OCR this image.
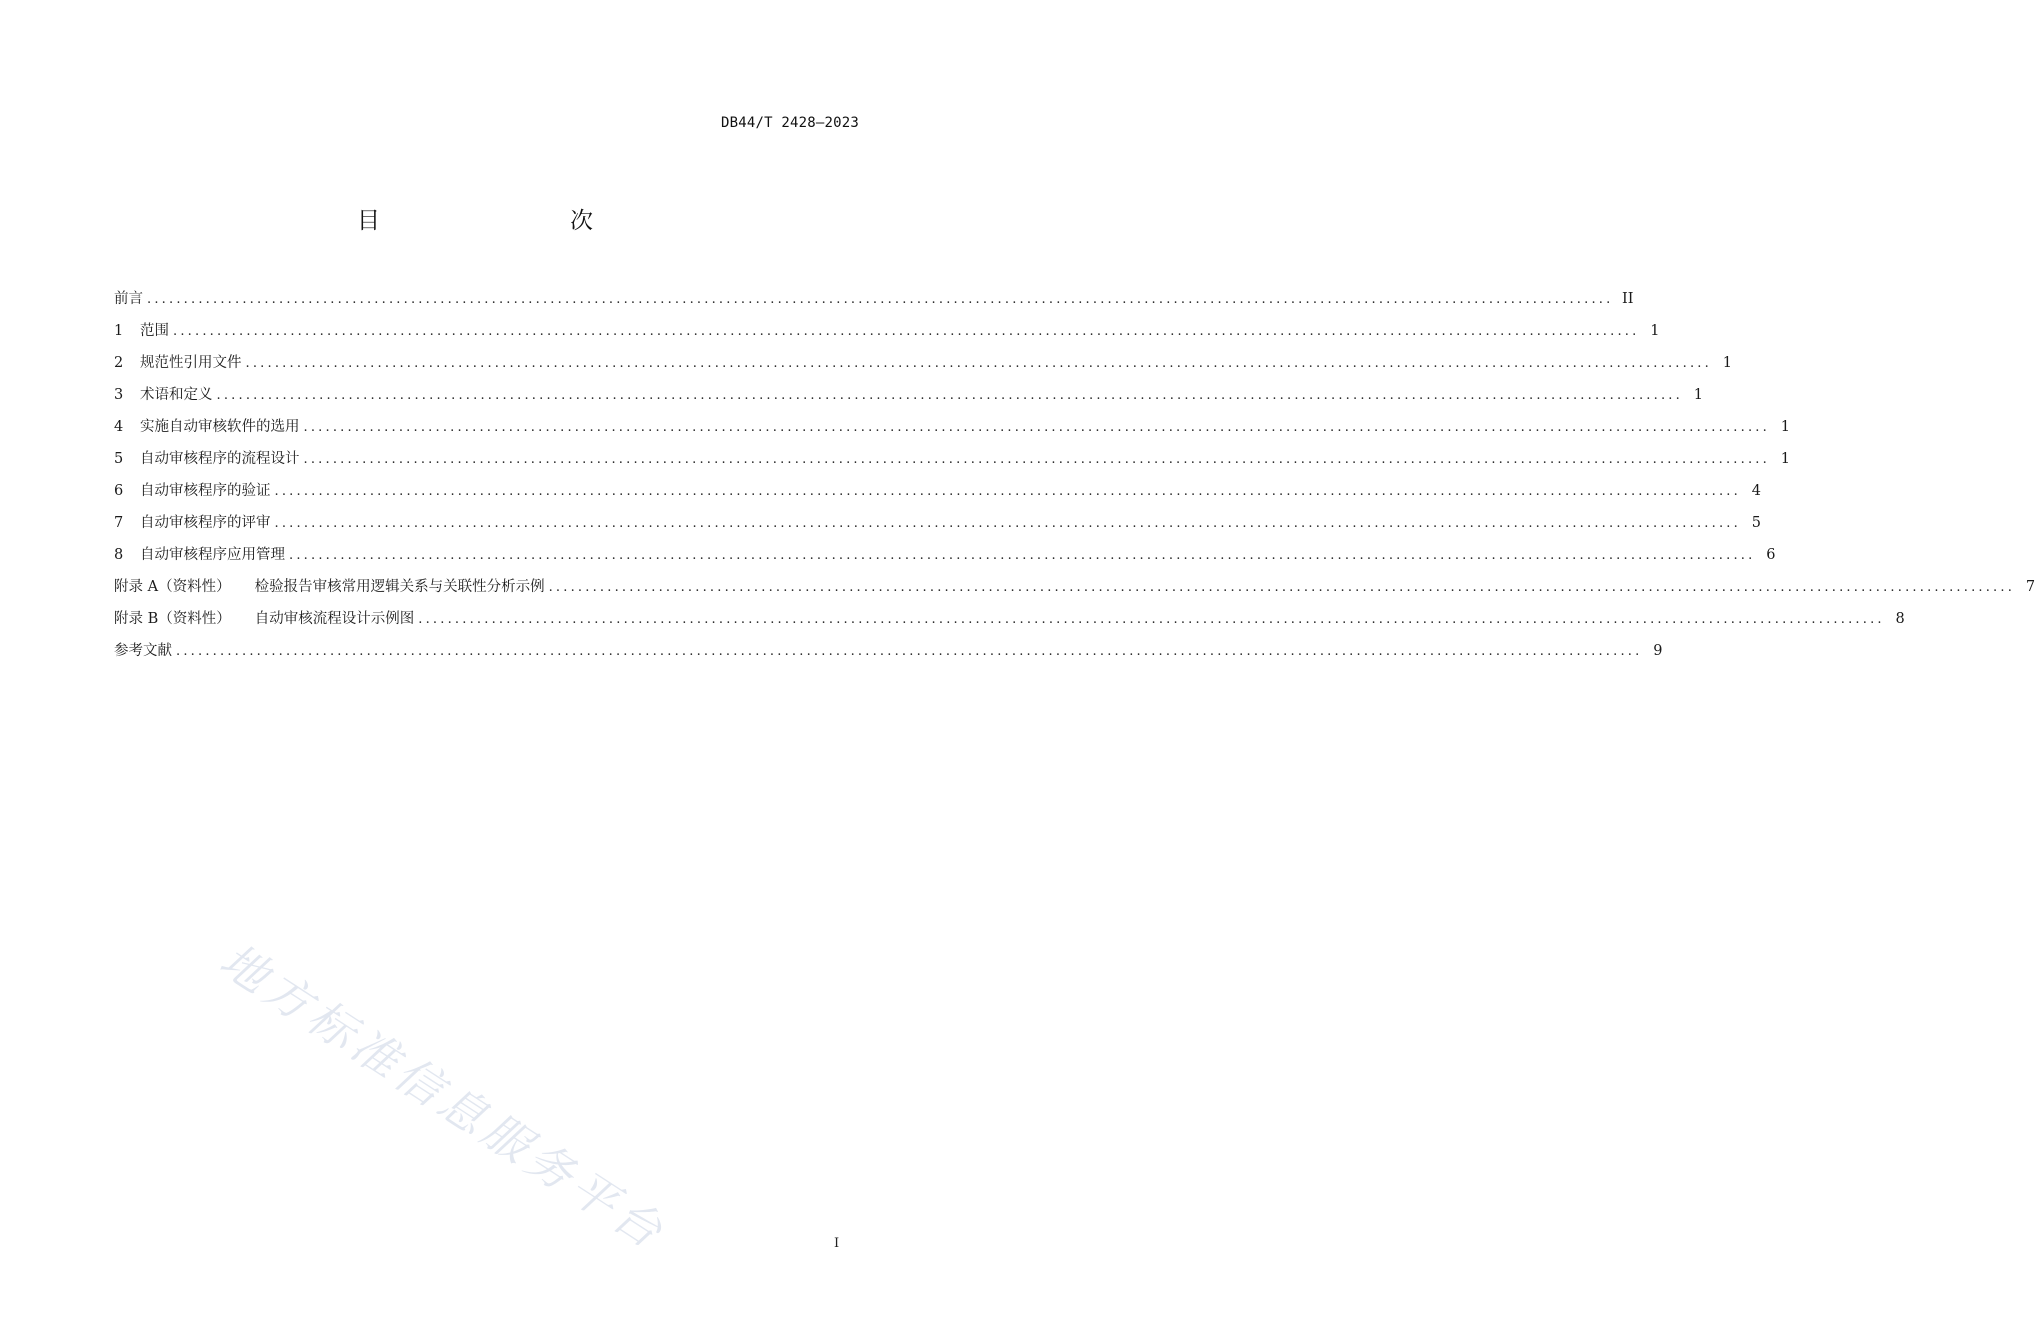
DB44/T 2428—2023
目　　次
前言 ........................................................................................................................................................................................................ II
1	范围 ........................................................................................................................................................................................................ 1
2	规范性引用文件 ........................................................................................................................................................................................................ 1
3	术语和定义 ........................................................................................................................................................................................................ 1
4	实施自动审核软件的选用 ........................................................................................................................................................................................................ 1
5	自动审核程序的流程设计 ........................................................................................................................................................................................................ 1
6	自动审核程序的验证 ........................................................................................................................................................................................................ 4
7	自动审核程序的评审 ........................................................................................................................................................................................................ 5
8	自动审核程序应用管理 ........................................................................................................................................................................................................ 6
附录 A（资料性） 检验报告审核常用逻辑关系与关联性分析示例 ........................................................................................................................................................................................................ 7
附录 B（资料性） 自动审核流程设计示例图 ........................................................................................................................................................................................................ 8
参考文献 ........................................................................................................................................................................................................ 9
地方标准信息服务平台	I
